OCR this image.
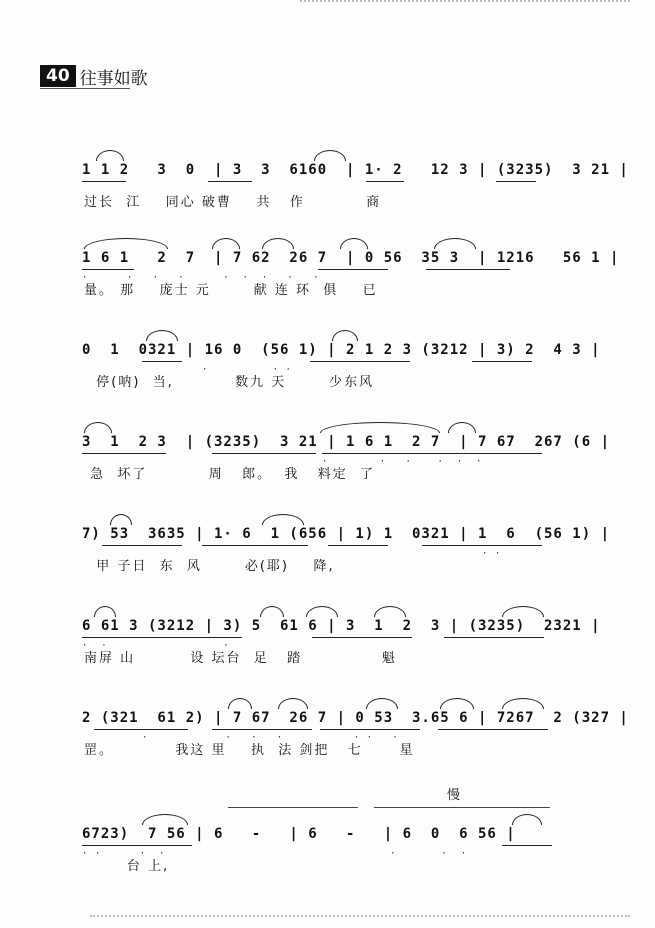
40 往事如歌
1 1 2   3  0  | 3  3  6160  | 1· 2   12 3 | (3235)  3 21 |
过长  江    同心 破曹    共   作          商
·      ·   ·   ·      ·  ·  ·   ·   ·
1 6 1   2  7  | 7 62  26 7  | 0 56  35 3  | 1216   56 1 |
量。 那    庞士 元       献 连 环  俱    已
·          · ·
0  1  0321 | 16 0  (56 1) | 2 1 2 3 (3212 | 3) 2  4 3 |
停(呐)  当,          数九 天       少东风
·        ·   ·    ·  ·  ·
3  1  2 3  | (3235)  3 21 | 1 6 1  2 7  | 7 67  267 (6 |
急  坏了          周   郎。  我   料定  了
· ·
7) 53  3635 | 1· 6  1 (656 | 1) 1  0321 | 1  6  (56 1) |
甲 子日  东  风       必(耶)    降,
·  ·                  ·
6 61 3 (3212 | 3) 5  61 6 | 3  1  2  3 | (3235)  2321 |
南屏 山         设 坛台  足   踏             魁
·            ·   ·   ·           · ·   ·
2 (321  61 2) | 7 67  26 7 | 0 53  3.65 6 | 7267  2 (327 |
罡。          我这 里    执  法 剑把   七      星
慢
· ·      ·  ·                                   ·       ·  ·
6723)  7 56 | 6   -   | 6   -   | 6  0  6 56 |
台 上,
